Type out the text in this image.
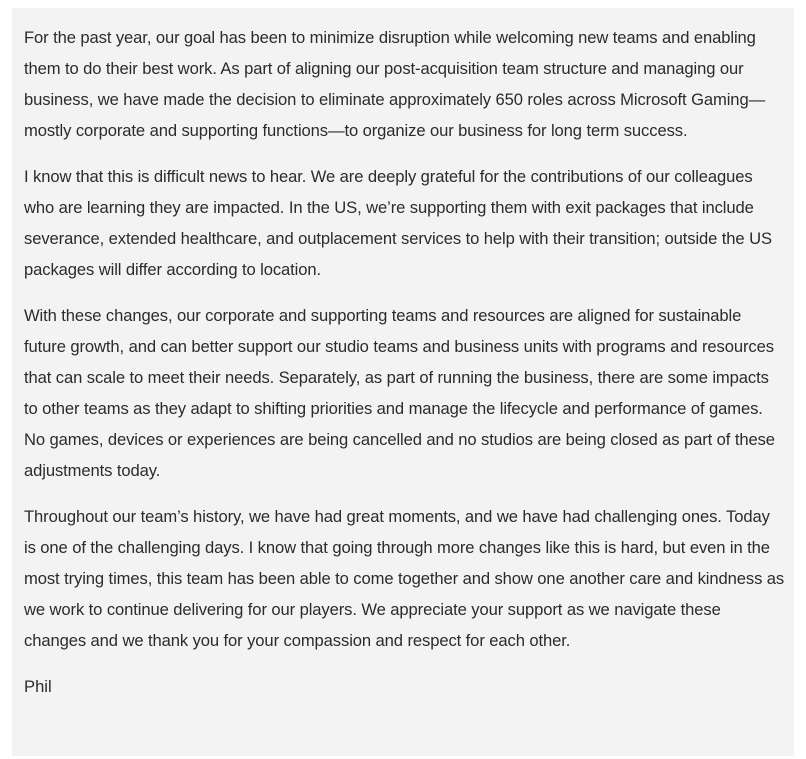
For the past year, our goal has been to minimize disruption while welcoming new teams and enabling them to do their best work. As part of aligning our post-acquisition team structure and managing our business, we have made the decision to eliminate approximately 650 roles across Microsoft Gaming—mostly corporate and supporting functions—to organize our business for long term success.

I know that this is difficult news to hear. We are deeply grateful for the contributions of our colleagues who are learning they are impacted. In the US, we’re supporting them with exit packages that include severance, extended healthcare, and outplacement services to help with their transition; outside the US packages will differ according to location.

With these changes, our corporate and supporting teams and resources are aligned for sustainable future growth, and can better support our studio teams and business units with programs and resources that can scale to meet their needs. Separately, as part of running the business, there are some impacts to other teams as they adapt to shifting priorities and manage the lifecycle and performance of games. No games, devices or experiences are being cancelled and no studios are being closed as part of these adjustments today.

Throughout our team’s history, we have had great moments, and we have had challenging ones. Today is one of the challenging days. I know that going through more changes like this is hard, but even in the most trying times, this team has been able to come together and show one another care and kindness as we work to continue delivering for our players. We appreciate your support as we navigate these changes and we thank you for your compassion and respect for each other.

Phil
